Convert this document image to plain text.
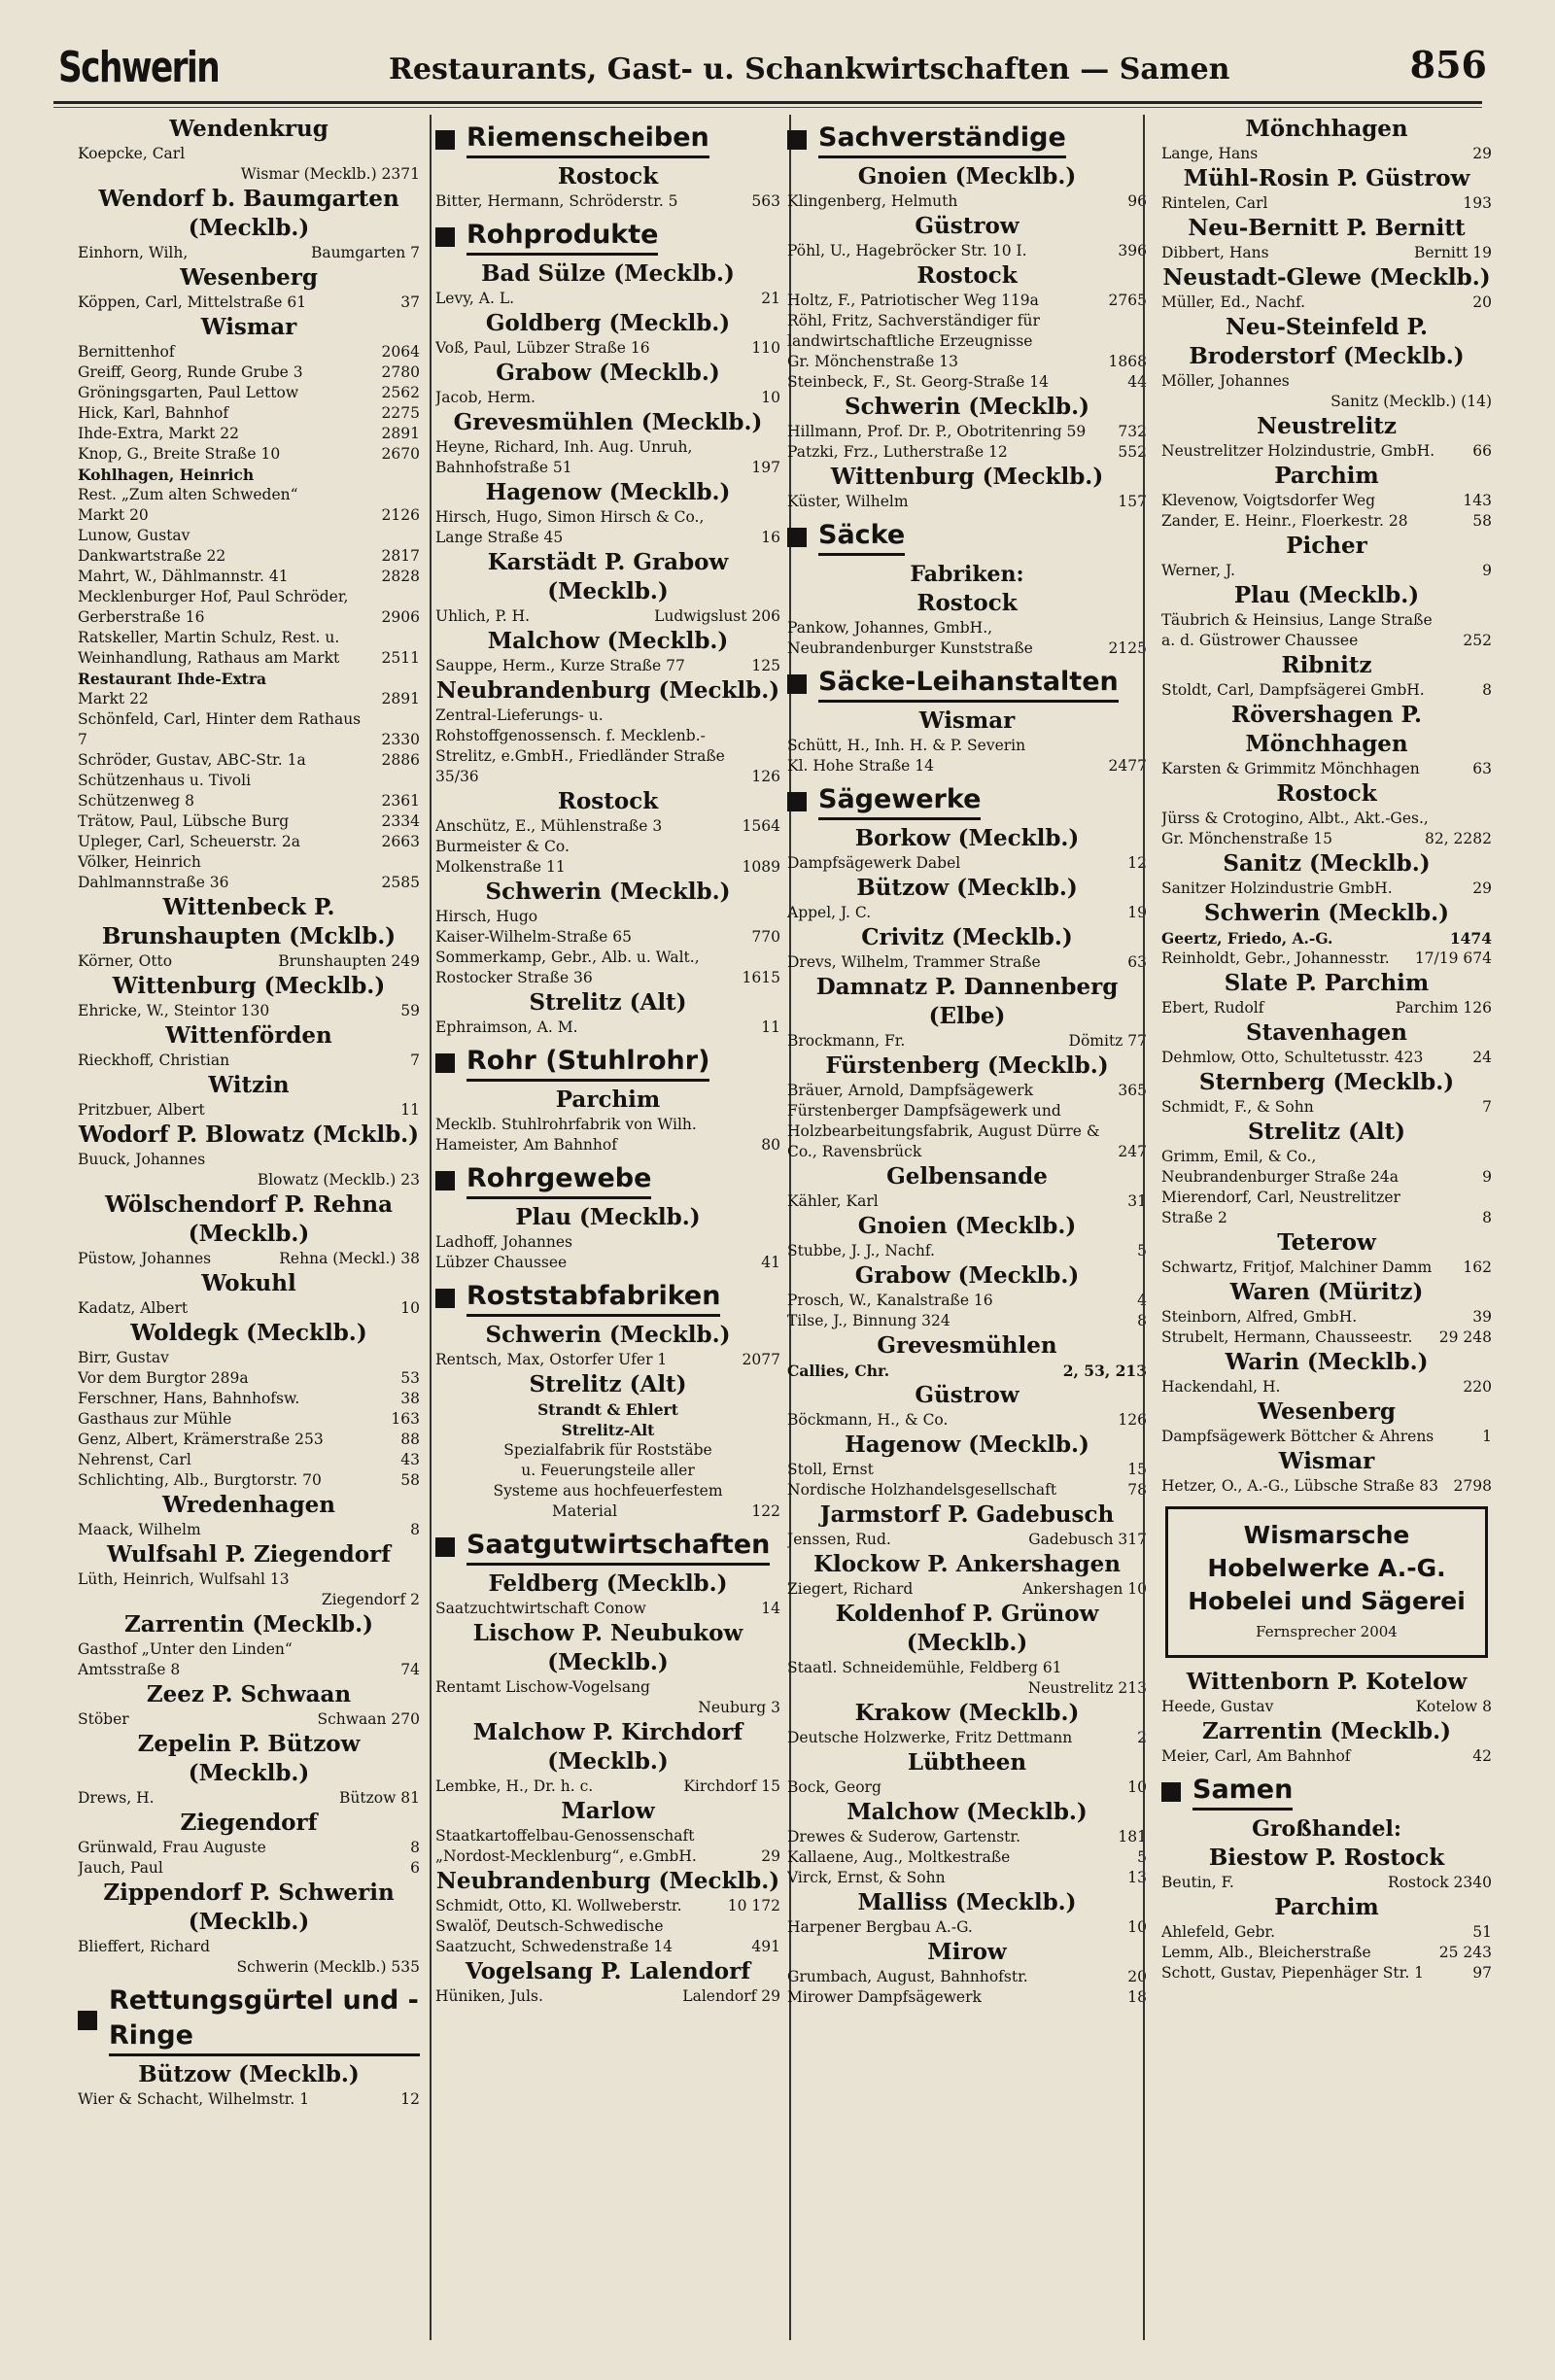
Schwerin	Restaurants, Gast- u. Schankwirtschaften — Samen	856
Wendenkrug
Koepcke, Carl
Wismar (Mecklb.) 2371
Wendorf b. Baumgarten (Mecklb.)
Einhorn, Wilh,	Baumgarten 7
Wesenberg
Köppen, Carl, Mittelstraße 61	37
Wismar
Bernittenhof	2064
Greiff, Georg, Runde Grube 3	2780
Gröningsgarten, Paul Lettow	2562
Hick, Karl, Bahnhof	2275
Ihde-Extra, Markt 22	2891
Knop, G., Breite Straße 10	2670
Kohlhagen, Heinrich
Rest. „Zum alten Schweden“
Markt 20	2126
Lunow, Gustav
Dankwartstraße 22	2817
Mahrt, W., Dählmannstr. 41	2828
Mecklenburger Hof, Paul Schröder,
Gerberstraße 16	2906
Ratskeller, Martin Schulz, Rest. u. Weinhandlung, Rathaus am Markt	2511
Restaurant Ihde-Extra
Markt 22	2891
Schönfeld, Carl, Hinter dem Rathaus 7	2330
Schröder, Gustav, ABC-Str. 1a	2886
Schützenhaus u. Tivoli
Schützenweg 8	2361
Trätow, Paul, Lübsche Burg	2334
Upleger, Carl, Scheuerstr. 2a	2663
Völker, Heinrich
Dahlmannstraße 36	2585
Wittenbeck P. Brunshaupten (Mcklb.)
Körner, Otto	Brunshaupten 249
Wittenburg (Mecklb.)
Ehricke, W., Steintor 130	59
Wittenförden
Rieckhoff, Christian	7
Witzin
Pritzbuer, Albert	11
Wodorf P. Blowatz (Mcklb.)
Buuck, Johannes
Blowatz (Mecklb.) 23
Wölschendorf P. Rehna (Mecklb.)
Püstow, Johannes	Rehna (Meckl.) 38
Wokuhl
Kadatz, Albert	10
Woldegk (Mecklb.)
Birr, Gustav
Vor dem Burgtor 289a	53
Ferschner, Hans, Bahnhofsw.	38
Gasthaus zur Mühle	163
Genz, Albert, Krämerstraße 253	88
Nehrenst, Carl	43
Schlichting, Alb., Burgtorstr. 70	58
Wredenhagen
Maack, Wilhelm	8
Wulfsahl P. Ziegendorf
Lüth, Heinrich, Wulfsahl 13
Ziegendorf 2
Zarrentin (Mecklb.)
Gasthof „Unter den Linden“
Amtsstraße 8	74
Zeez P. Schwaan
Stöber	Schwaan 270
Zepelin P. Bützow (Mecklb.)
Drews, H.	Bützow 81
Ziegendorf
Grünwald, Frau Auguste	8
Jauch, Paul	6
Zippendorf P. Schwerin (Mecklb.)
Blieffert, Richard
Schwerin (Mecklb.) 535
Rettungsgürtel und -Ringe
Bützow (Mecklb.)
Wier & Schacht, Wilhelmstr. 1	12
Riemenscheiben
Rostock
Bitter, Hermann, Schröderstr. 5	563
Rohprodukte
Bad Sülze (Mecklb.)
Levy, A. L.	21
Goldberg (Mecklb.)
Voß, Paul, Lübzer Straße 16	110
Grabow (Mecklb.)
Jacob, Herm.	10
Grevesmühlen (Mecklb.)
Heyne, Richard, Inh. Aug. Unruh,
Bahnhofstraße 51	197
Hagenow (Mecklb.)
Hirsch, Hugo, Simon Hirsch & Co.,
Lange Straße 45	16
Karstädt P. Grabow (Mecklb.)
Uhlich, P. H.	Ludwigslust 206
Malchow (Mecklb.)
Sauppe, Herm., Kurze Straße 77	125
Neubrandenburg (Mecklb.)
Zentral-Lieferungs- u. Rohstoffgenossensch. f. Mecklenb.-Strelitz, e.GmbH., Friedländer Straße 35/36	126
Rostock
Anschütz, E., Mühlenstraße 3	1564
Burmeister & Co.
Molkenstraße 11	1089
Schwerin (Mecklb.)
Hirsch, Hugo
Kaiser-Wilhelm-Straße 65	770
Sommerkamp, Gebr., Alb. u. Walt.,
Rostocker Straße 36	1615
Strelitz (Alt)
Ephraimson, A. M.	11
Rohr (Stuhlrohr)
Parchim
Mecklb. Stuhlrohrfabrik von Wilh. Hameister, Am Bahnhof	80
Rohrgewebe
Plau (Mecklb.)
Ladhoff, Johannes
Lübzer Chaussee	41
Roststabfabriken
Schwerin (Mecklb.)
Rentsch, Max, Ostorfer Ufer 1	2077
Strelitz (Alt)
Strandt & Ehlert
Strelitz-Alt
Spezialfabrik für Roststäbe
u. Feuerungsteile aller
Systeme aus hochfeuerfestem
Material	122
Saatgutwirtschaften
Feldberg (Mecklb.)
Saatzuchtwirtschaft Conow	14
Lischow P. Neubukow (Mecklb.)
Rentamt Lischow-Vogelsang
Neuburg 3
Malchow P. Kirchdorf (Mecklb.)
Lembke, H., Dr. h. c.	Kirchdorf 15
Marlow
Staatkartoffelbau-Genossenschaft
„Nordost-Mecklenburg“, e.GmbH.	29
Neubrandenburg (Mecklb.)
Schmidt, Otto, Kl. Wollweberstr.	10 172
Swalöf, Deutsch-Schwedische Saatzucht, Schwedenstraße 14	491
Vogelsang P. Lalendorf
Hüniken, Juls.	Lalendorf 29
Sachverständige
Gnoien (Mecklb.)
Klingenberg, Helmuth	96
Güstrow
Pöhl, U., Hagebröcker Str. 10 I.	396
Rostock
Holtz, F., Patriotischer Weg 119a	2765
Röhl, Fritz, Sachverständiger für landwirtschaftliche Erzeugnisse
Gr. Mönchenstraße 13	1868
Steinbeck, F., St. Georg-Straße 14	44
Schwerin (Mecklb.)
Hillmann, Prof. Dr. P., Obotritenring 59 732
Patzki, Frz., Lutherstraße 12	552
Wittenburg (Mecklb.)
Küster, Wilhelm	157
Säcke
Fabriken:
Rostock
Pankow, Johannes, GmbH., Neubrandenburger Kunststraße	2125
Säcke-Leihanstalten
Wismar
Schütt, H., Inh. H. & P. Severin
Kl. Hohe Straße 14	2477
Sägewerke
Borkow (Mecklb.)
Dampfsägewerk Dabel	12
Bützow (Mecklb.)
Appel, J. C.	19
Crivitz (Mecklb.)
Drevs, Wilhelm, Trammer Straße	63
Damnatz P. Dannenberg (Elbe)
Brockmann, Fr.	Dömitz 77
Fürstenberg (Mecklb.)
Bräuer, Arnold, Dampfsägewerk	365
Fürstenberger Dampfsägewerk und Holzbearbeitungsfabrik, August Dürre & Co., Ravensbrück	247
Gelbensande
Kähler, Karl	31
Gnoien (Mecklb.)
Stubbe, J. J., Nachf.	5
Grabow (Mecklb.)
Prosch, W., Kanalstraße 16	4
Tilse, J., Binnung 324	8
Grevesmühlen
Callies, Chr.	2, 53, 213
Güstrow
Böckmann, H., & Co.	126
Hagenow (Mecklb.)
Stoll, Ernst	15
Nordische Holzhandelsgesellschaft	78
Jarmstorf P. Gadebusch
Jenssen, Rud.	Gadebusch 317
Klockow P. Ankershagen
Ziegert, Richard	Ankershagen 10
Koldenhof P. Grünow (Mecklb.)
Staatl. Schneidemühle, Feldberg 61
Neustrelitz 213
Krakow (Mecklb.)
Deutsche Holzwerke, Fritz Dettmann	2
Lübtheen
Bock, Georg	10
Malchow (Mecklb.)
Drewes & Suderow, Gartenstr.	181
Kallaene, Aug., Moltkestraße	5
Virck, Ernst, & Sohn	13
Malliss (Mecklb.)
Harpener Bergbau A.-G.	10
Mirow
Grumbach, August, Bahnhofstr.	20
Mirower Dampfsägewerk	18
Mönchhagen
Lange, Hans	29
Mühl-Rosin P. Güstrow
Rintelen, Carl	193
Neu-Bernitt P. Bernitt
Dibbert, Hans	Bernitt 19
Neustadt-Glewe (Mecklb.)
Müller, Ed., Nachf.	20
Neu-Steinfeld P. Broderstorf (Mecklb.)
Möller, Johannes
Sanitz (Mecklb.) (14)
Neustrelitz
Neustrelitzer Holzindustrie, GmbH.	66
Parchim
Klevenow, Voigtsdorfer Weg	143
Zander, E. Heinr., Floerkestr. 28	58
Picher
Werner, J.	9
Plau (Mecklb.)
Täubrich & Heinsius, Lange Straße
a. d. Güstrower Chaussee	252
Ribnitz
Stoldt, Carl, Dampfsägerei GmbH.	8
Rövershagen P. Mönchhagen
Karsten & Grimmitz Mönchhagen	63
Rostock
Jürss & Crotogino, Albt., Akt.-Ges.,
Gr. Mönchenstraße 15	82, 2282
Sanitz (Mecklb.)
Sanitzer Holzindustrie GmbH.	29
Schwerin (Mecklb.)
Geertz, Friedo, A.-G.	1474
Reinholdt, Gebr., Johannesstr. 17/19 674
Slate P. Parchim
Ebert, Rudolf	Parchim 126
Stavenhagen
Dehmlow, Otto, Schultetusstr. 423	24
Sternberg (Mecklb.)
Schmidt, F., & Sohn	7
Strelitz (Alt)
Grimm, Emil, & Co., Neubrandenburger Straße 24a	9
Mierendorf, Carl, Neustrelitzer Straße 2	8
Teterow
Schwartz, Fritjof, Malchiner Damm 162
Waren (Müritz)
Steinborn, Alfred, GmbH.	39
Strubelt, Hermann, Chausseestr. 29 248
Warin (Mecklb.)
Hackendahl, H.	220
Wesenberg
Dampfsägewerk Böttcher & Ahrens	1
Wismar
Hetzer, O., A.-G., Lübsche Straße 83 2798
Wismarsche
Hobelwerke A.-G.
Hobelei und Sägerei
Fernsprecher 2004
Wittenborn P. Kotelow
Heede, Gustav	Kotelow 8
Zarrentin (Mecklb.)
Meier, Carl, Am Bahnhof	42
Samen
Großhandel:
Biestow P. Rostock
Beutin, F.	Rostock 2340
Parchim
Ahlefeld, Gebr.	51
Lemm, Alb., Bleicherstraße	25 243
Schott, Gustav, Piepenhäger Str. 1	97
